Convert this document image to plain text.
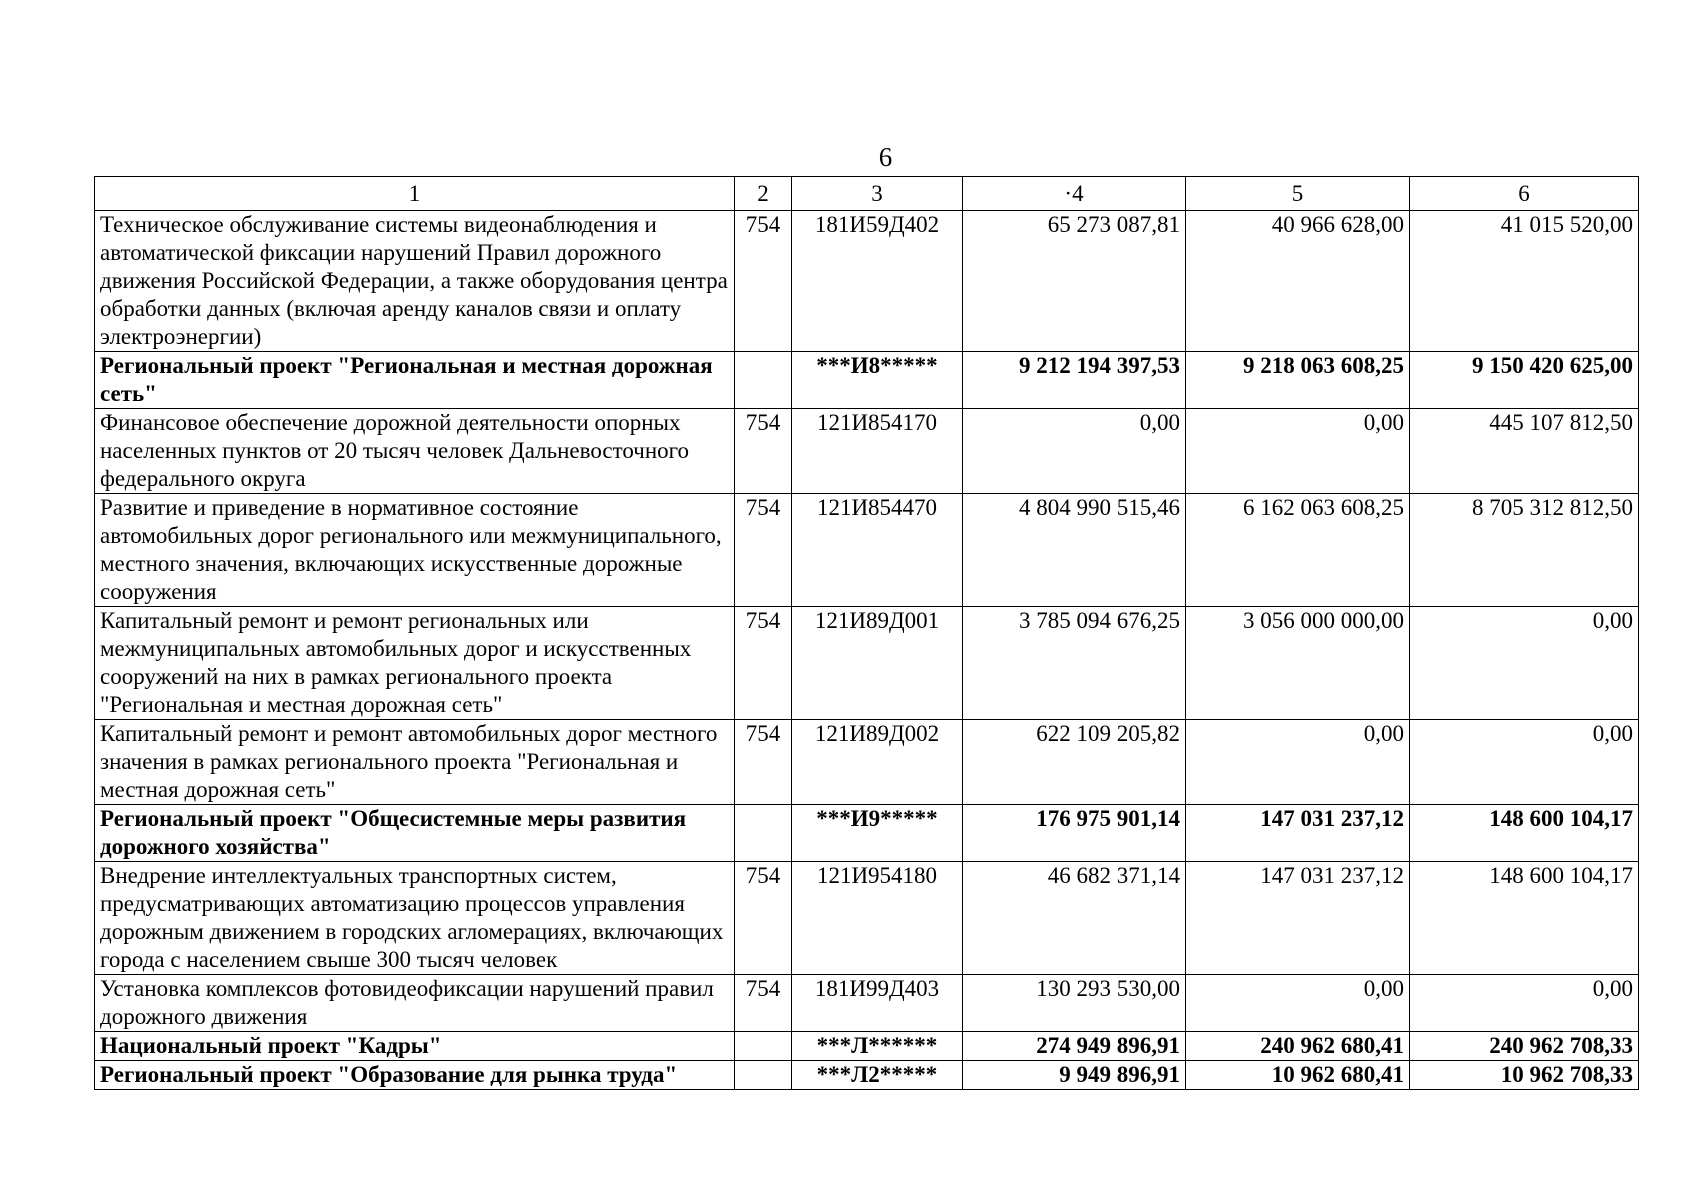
6
1	2	3	·4	5	6
Техническое обслуживание системы видеонаблюдения и автоматической фиксации нарушений Правил дорожного движения Российской Федерации, а также оборудования центра обработки данных (включая аренду каналов связи и оплату электроэнергии)	754	181И59Д402	65 273 087,81	40 966 628,00	41 015 520,00
Региональный проект "Региональная и местная дорожная сеть"		***И8*****	9 212 194 397,53	9 218 063 608,25	9 150 420 625,00
Финансовое обеспечение дорожной деятельности опорных населенных пунктов от 20 тысяч человек Дальневосточного федерального округа	754	121И854170	0,00	0,00	445 107 812,50
Развитие и приведение в нормативное состояние автомобильных дорог регионального или межмуниципального, местного значения, включающих искусственные дорожные сооружения	754	121И854470	4 804 990 515,46	6 162 063 608,25	8 705 312 812,50
Капитальный ремонт и ремонт региональных или межмуниципальных автомобильных дорог и искусственных сооружений на них в рамках регионального проекта "Региональная и местная дорожная сеть"	754	121И89Д001	3 785 094 676,25	3 056 000 000,00	0,00
Капитальный ремонт и ремонт автомобильных дорог местного значения в рамках регионального проекта "Региональная и местная дорожная сеть"	754	121И89Д002	622 109 205,82	0,00	0,00
Региональный проект "Общесистемные меры развития дорожного хозяйства"		***И9*****	176 975 901,14	147 031 237,12	148 600 104,17
Внедрение интеллектуальных транспортных систем, предусматривающих автоматизацию процессов управления дорожным движением в городских агломерациях, включающих города с населением свыше 300 тысяч человек	754	121И954180	46 682 371,14	147 031 237,12	148 600 104,17
Установка комплексов фотовидеофиксации нарушений правил дорожного движения	754	181И99Д403	130 293 530,00	0,00	0,00
Национальный проект "Кадры"		***Л******	274 949 896,91	240 962 680,41	240 962 708,33
Региональный проект "Образование для рынка труда"		***Л2*****	9 949 896,91	10 962 680,41	10 962 708,33
